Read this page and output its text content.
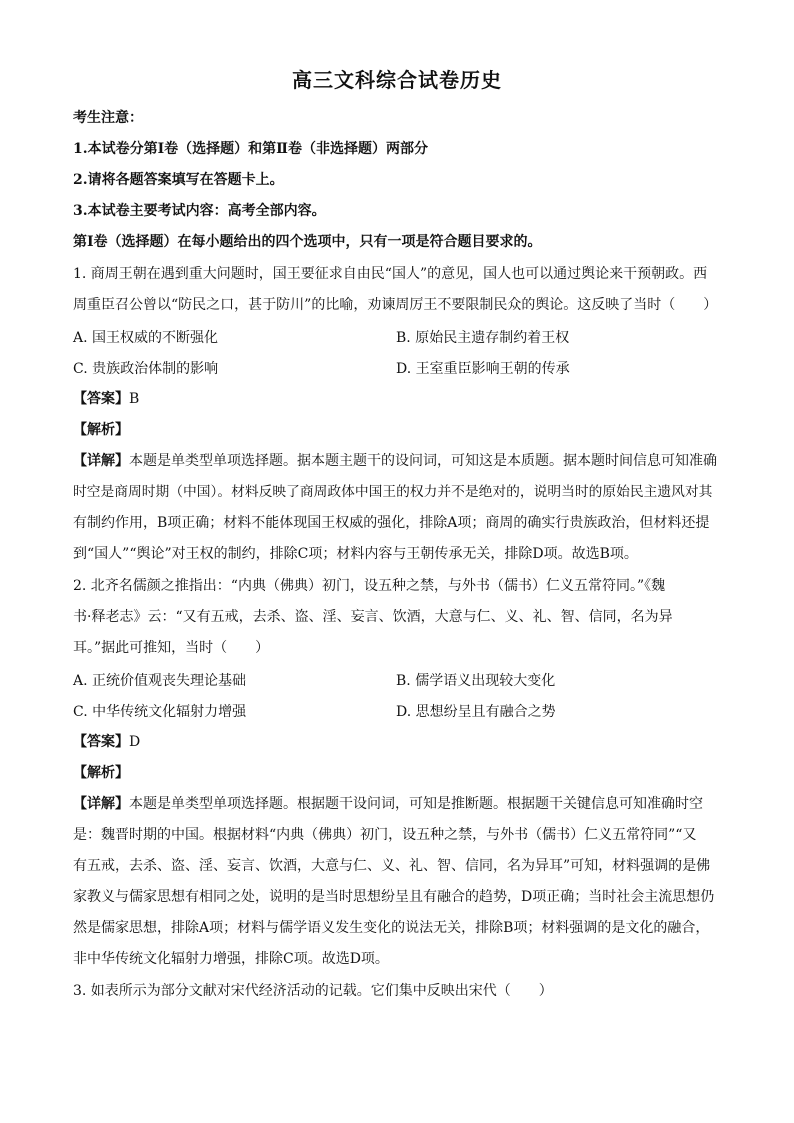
高三文科综合试卷历史
考生注意：
1.本试卷分第Ⅰ卷（选择题）和第Ⅱ卷（非选择题）两部分
2.请将各题答案填写在答题卡上。
3.本试卷主要考试内容：高考全部内容。
第Ⅰ卷（选择题）在每小题给出的四个选项中，只有一项是符合题目要求的。
1. 商周王朝在遇到重大问题时，国王要征求自由民“国人”的意见，国人也可以通过舆论来干预朝政。西
周重臣召公曾以“防民之口，甚于防川”的比喻，劝谏周厉王不要限制民众的舆论。这反映了当时（　　）
A. 国王权威的不断强化	B. 原始民主遗存制约着王权
C. 贵族政治体制的影响	D. 王室重臣影响王朝的传承
【答案】B
【解析】
【详解】本题是单类型单项选择题。据本题主题干的设问词，可知这是本质题。据本题时间信息可知准确
时空是商周时期（中国）。材料反映了商周政体中国王的权力并不是绝对的，说明当时的原始民主遗风对其
有制约作用，B项正确；材料不能体现国王权威的强化，排除A项；商周的确实行贵族政治，但材料还提
到“国人”“舆论”对王权的制约，排除C项；材料内容与王朝传承无关，排除D项。故选B项。
2. 北齐名儒颜之推指出：“内典（佛典）初门，设五种之禁，与外书（儒书）仁义五常符同。”《魏
书·释老志》云：“又有五戒，去杀、盗、淫、妄言、饮酒，大意与仁、义、礼、智、信同，名为异
耳。”据此可推知，当时（　　）
A. 正统价值观丧失理论基础	B. 儒学语义出现较大变化
C. 中华传统文化辐射力增强	D. 思想纷呈且有融合之势
【答案】D
【解析】
【详解】本题是单类型单项选择题。根据题干设问词，可知是推断题。根据题干关键信息可知准确时空
是：魏晋时期的中国。根据材料“内典（佛典）初门，设五种之禁，与外书（儒书）仁义五常符同”“又
有五戒，去杀、盗、淫、妄言、饮酒，大意与仁、义、礼、智、信同，名为异耳”可知，材料强调的是佛
家教义与儒家思想有相同之处，说明的是当时思想纷呈且有融合的趋势，D项正确；当时社会主流思想仍
然是儒家思想，排除A项；材料与儒学语义发生变化的说法无关，排除B项；材料强调的是文化的融合，
非中华传统文化辐射力增强，排除C项。故选D项。
3. 如表所示为部分文献对宋代经济活动的记载。它们集中反映出宋代（　　）
